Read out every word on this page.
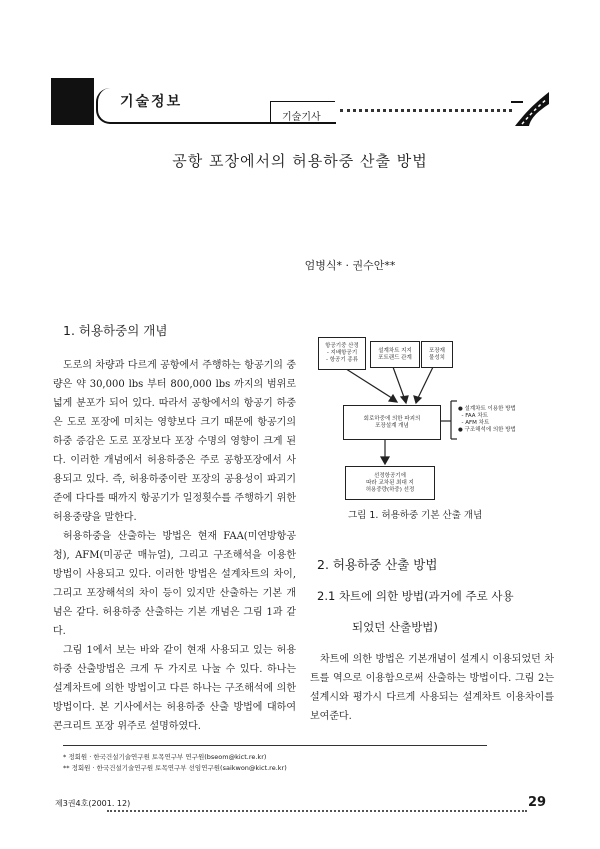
기술정보
기술기사
공항 포장에서의 허용하중 산출 방법
엄병식* · 권수안**
1. 허용하중의 개념

도로의 차량과 다르게 공항에서 주행하는 항공기의 중량은 약 30,000 lbs 부터 800,000 lbs 까지의 범위로 넓게 분포가 되어 있다. 따라서 공항에서의 항공기 하중은 도로 포장에 미치는 영향보다 크기 때문에 항공기의 하중 증감은 도로 포장보다 포장 수명의 영향이 크게 된다. 이러한 개념에서 허용하중은 주로 공항포장에서 사용되고 있다. 즉, 허용하중이란 포장의 공용성이 파괴기준에 다다를 때까지 항공기가 일정횟수를 주행하기 위한 허용중량을 말한다.

허용하중을 산출하는 방법은 현재 FAA(미연방항공청), AFM(미공군 매뉴얼), 그리고 구조해석을 이용한 방법이 사용되고 있다. 이러한 방법은 설계차트의 차이, 그리고 포장해석의 차이 등이 있지만 산출하는 기본 개념은 같다. 허용하중 산출하는 기본 개념은 그림 1과 같다.

그림 1에서 보는 바와 같이 현재 사용되고 있는 허용하중 산출방법은 크게 두 가지로 나눌 수 있다. 하나는 설계차트에 의한 방법이고 다른 하나는 구조해석에 의한 방법이다. 본 기사에서는 허용하중 산출 방법에 대하여 콘크리트 포장 위주로 설명하였다.

항공기중 산정
- 지배항공기
- 항공기 종류
설계차트 지지
포트랜드 관계

포장재
물성치
회로하중에 의한 파괴의
포장설계 개념
선정항공기에
따라 교차된 최대 지
허용중량(하중) 선정
● 설계차트 이용한 방법
- FAA 차트
- AFM 차트
● 구조해석에 의한 방법
그림 1. 허용하중 기본 산출 개념
2. 허용하중 산출 방법
2.1 차트에 의한 방법(과거에 주로 사용
되었던 산출방법)

차트에 의한 방법은 기본개념이 설계시 이용되었던 차트를 역으로 이용함으로써 산출하는 방법이다. 그림 2는 설계시와 평가시 다르게 사용되는 설계차트 이용차이를 보여준다.

* 정회원 · 한국건설기술연구원 토목연구부 연구원(bseom@kict.re.kr)
** 정회원 · 한국건설기술연구원 토목연구부 선임연구원(saikwon@kict.re.kr)
제3권4호(2001. 12)	29
